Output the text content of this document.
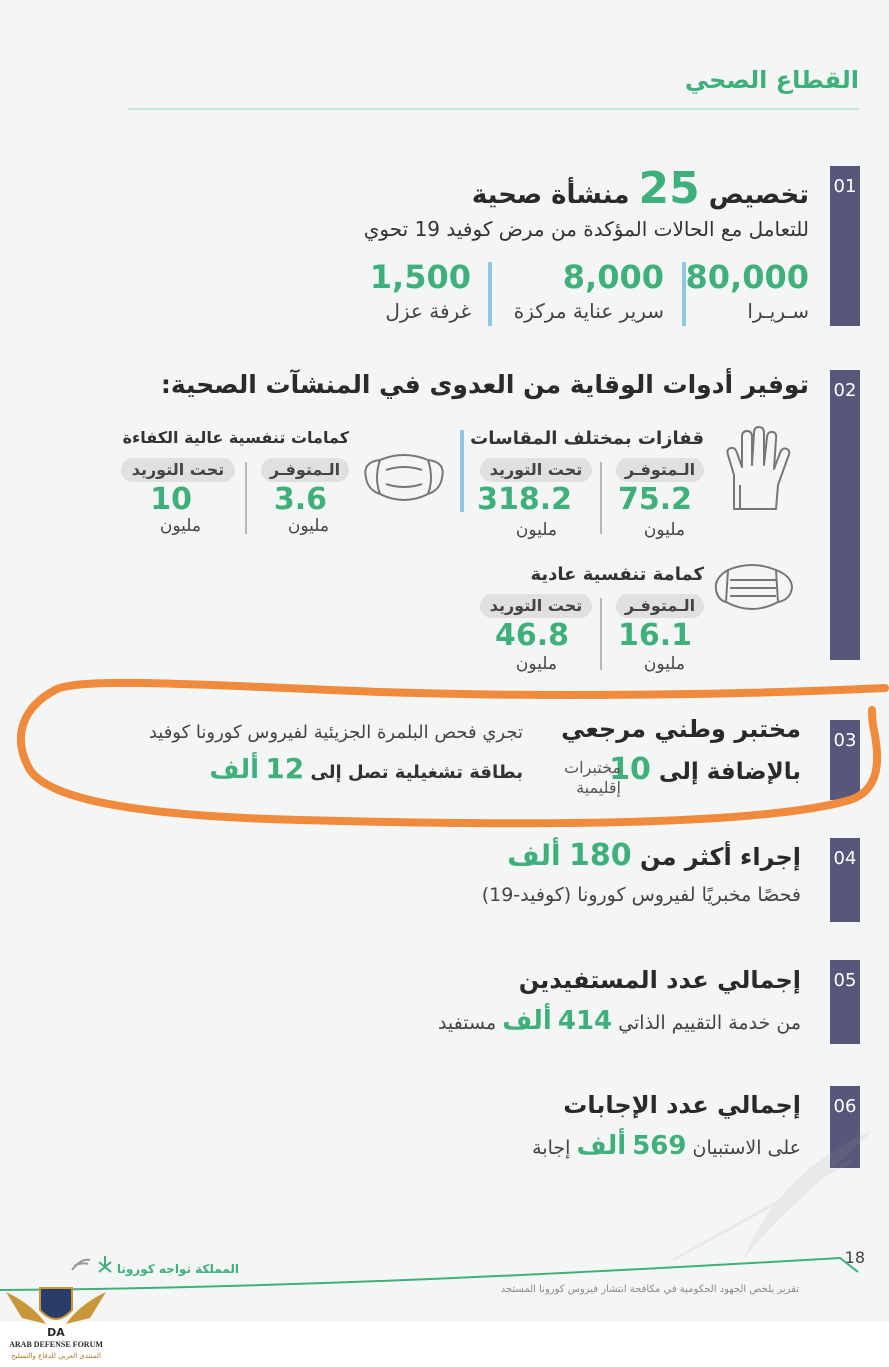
القطاع الصحي
01
تخصيص 25 منشأة صحية
للتعامل مع الحالات المؤكدة من مرض كوفيد 19 تحوي
80,000
سـريـرا
8,000
سرير عناية مركزة
1,500
غرفة عزل
02
توفير أدوات الوقاية من العدوى في المنشآت الصحية:
قفازات بمختلف المقاسات
الـمتوفـر
75.2
مليون
تحت التوريد
318.2
مليون
كمامات تنفسية عالية الكفاءة
الـمتوفـر
3.6
مليون
تحت التوريد
10
مليون
كمامة تنفسية عادية
الـمتوفـر
16.1
مليون
تحت التوريد
46.8
مليون
03
مختبر وطني مرجعي
بالإضافة إلى 10
مختبرات
إقليمية
تجري فحص البلمرة الجزيئية لفيروس كورونا كوفيد
بطاقة تشغيلية تصل إلى 12 ألف
04
إجراء أكثر من 180 ألف
فحصًا مخبريًا لفيروس كورونا (كوفيد-19)
05
إجمالي عدد المستفيدين
من خدمة التقييم الذاتي 414 ألف مستفيد
06
إجمالي عدد الإجابات
على الاستبيان 569 ألف إجابة
18
المملكة تواجه كورونا
تقرير يلخص الجهود الحكومية في مكافحة انتشار فيروس كورونا المستجد
DA
ARAB DEFENSE FORUM
المنتدى العربي للدفاع والتسليح
